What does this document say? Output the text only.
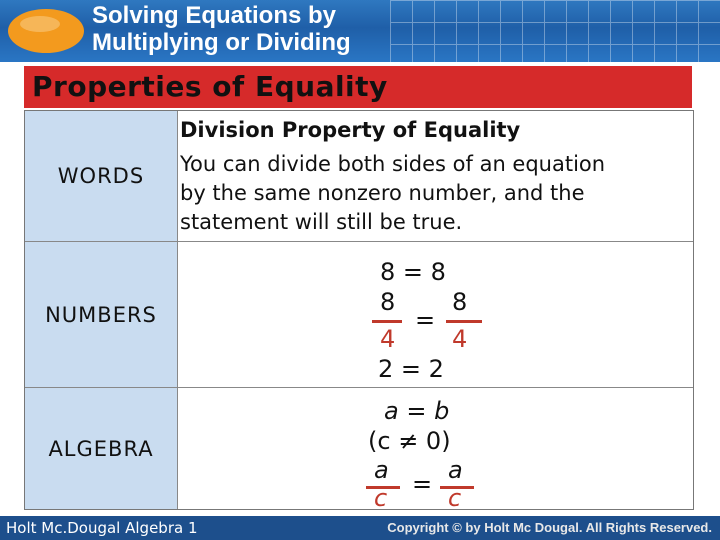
Solving Equations by
Multiplying or Dividing
Properties of Equality
WORDS
NUMBERS
ALGEBRA
Division Property of Equality
You can divide both sides of an equation
by the same nonzero number, and the
statement will still be true.
8 = 8
8 8
=
4 4
2 = 2
a = b
(c ≠ 0)
a a
=
c	c
Holt Mc.Dougal Algebra 1	Copyright © by Holt Mc Dougal. All Rights Reserved.
